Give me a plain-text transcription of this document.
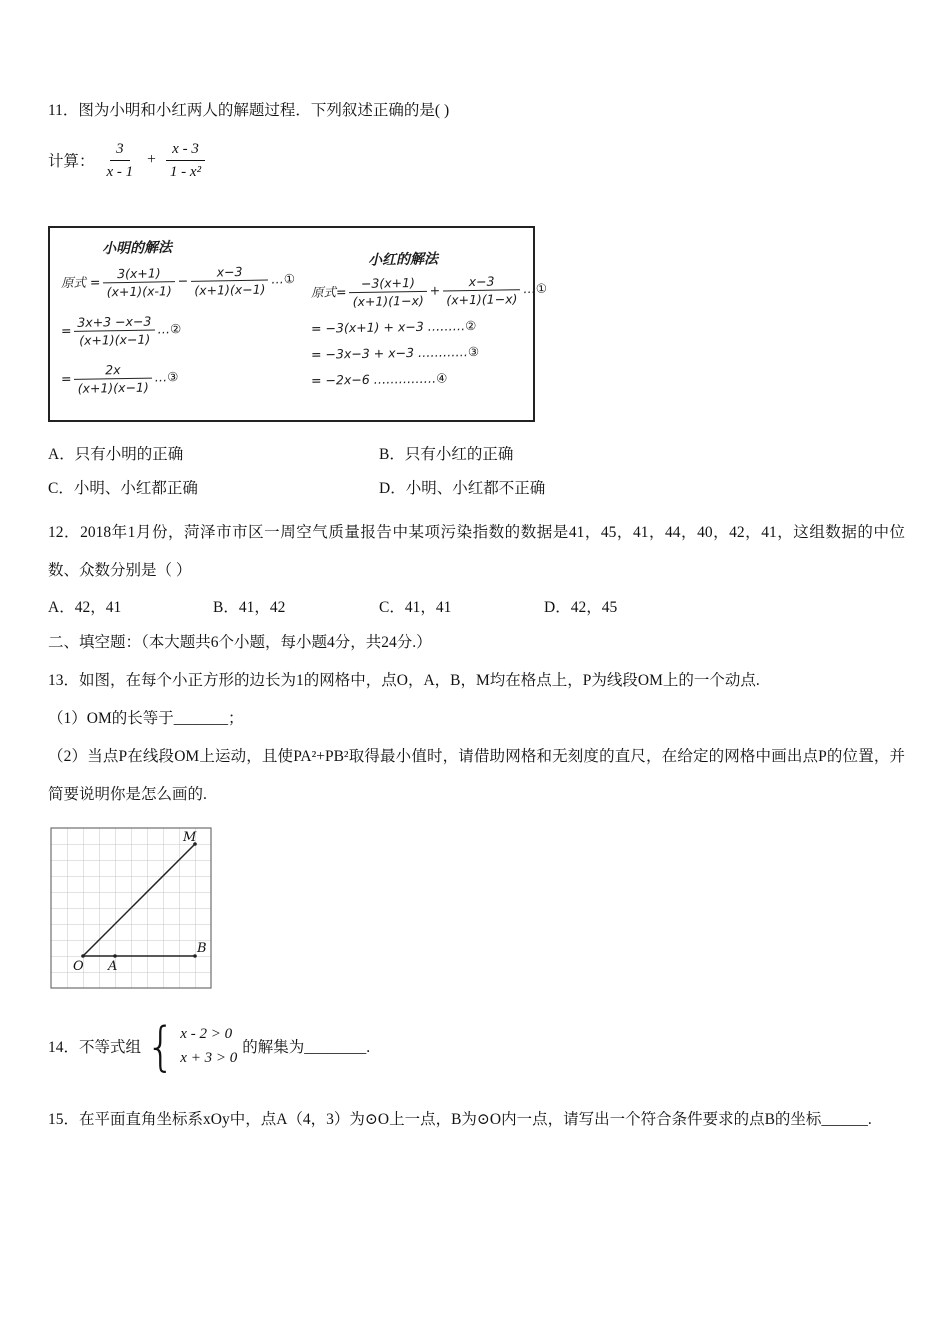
11．图为小明和小红两人的解题过程．下列叙述正确的是( )

计算： $\frac{3}{x - 1} + \frac{x - 3}{\text{1 - x²}}$
小明的解法
原式 = $\frac{3(x+1)}{(x+1)(x-1)} - \frac{x-3}{(x+1)(x-1)}$ …①
= $\frac{3x+3 -x-3}{(x+1)(x-1)}$ …②
= $\frac{2x}{(x+1)(x-1)}$ …③
小红的解法
原式= $\frac{-3(x+1)}{(x+1)(1-x)} + \frac{x-3}{(x+1)(1-x)}$ …①
= −3(x+1) + x−3 ………②
= −3x−3 + x−3 …………③
= −2x−6 ……………④
A．只有小明的正确	B．只有小红的正确
C．小明、小红都正确	D．小明、小红都不正确

12．2018年1月份，菏泽市市区一周空气质量报告中某项污染指数的数据是41，45，41，44，40，42，41，这组数据的中位数、众数分别是（ ）

A．42，41	B．41，42	C．41，41	D．42，45

二、填空题：（本大题共6个小题，每小题4分，共24分.）

13．如图，在每个小正方形的边长为1的网格中，点O，A，B，M均在格点上，P为线段OM上的一个动点.

（1）OM的长等于_______；

（2）当点P在线段OM上运动，且使PA²+PB²取得最小值时，请借助网格和无刻度的直尺，在给定的网格中画出点P的位置，并简要说明你是怎么画的.

M
O A
B
14．不等式组 { x - 2 > 0
x + 3 > 0
的解集为________.

15．在平面直角坐标系xOy中，点A（4，3）为⊙O上一点，B为⊙O内一点，请写出一个符合条件要求的点B的坐标______.
